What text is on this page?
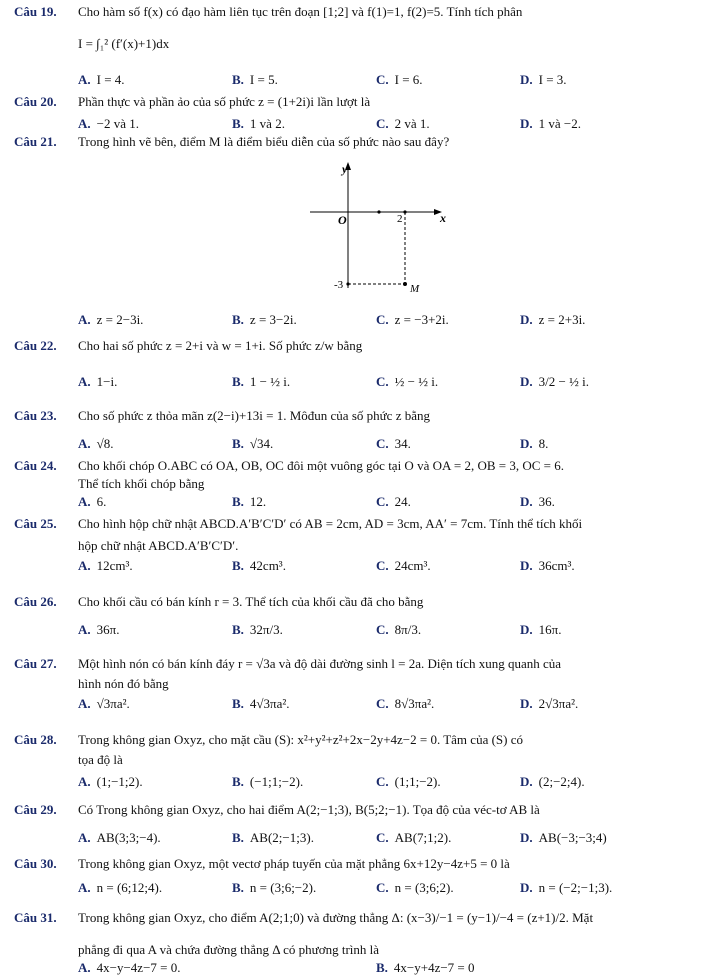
Câu 19. Cho hàm số f(x) có đạo hàm liên tục trên đoạn [1;2] và f(1)=1, f(2)=5. Tính tích phân
I = ∫₁² (f′(x)+1)dx
A. I = 4.	B. I = 5.	C. I = 6.	D. I = 3.
Câu 20. Phần thực và phần ảo của số phức z = (1+2i)i lần lượt là
A. −2 và 1.	B. 1 và 2.	C. 2 và 1.	D. 1 và −2.
Câu 21. Trong hình vẽ bên, điểm M là điểm biểu diễn của số phức nào sau đây?
y
x
O	2
-3	M
A. z = 2−3i.	B. z = 3−2i.	C. z = −3+2i.	D. z = 2+3i.
Câu 22. Cho hai số phức z = 2+i và w = 1+i. Số phức z/w bằng
A. 1−i.	B. 1 − ½ i.	C. ½ − ½ i.	D. 3/2 − ½ i.
Câu 23. Cho số phức z thỏa mãn z(2−i)+13i = 1. Môđun của số phức z bằng
A. √8.	B. √34.	C. 34.	D. 8.
Câu 24. Cho khối chóp O.ABC có OA, OB, OC đôi một vuông góc tại O và OA = 2, OB = 3, OC = 6.
Thể tích khối chóp bằng
A. 6.	B. 12.	C. 24.	D. 36.
Câu 25. Cho hình hộp chữ nhật ABCD.A′B′C′D′ có AB = 2cm, AD = 3cm, AA′ = 7cm. Tính thể tích khối
hộp chữ nhật ABCD.A′B′C′D′.
A. 12cm³.	B. 42cm³.	C. 24cm³.	D. 36cm³.
Câu 26. Cho khối cầu có bán kính r = 3. Thể tích của khối cầu đã cho bằng
A. 36π.	B. 32π/3.	C. 8π/3.	D. 16π.
Câu 27. Một hình nón có bán kính đáy r = √3a và độ dài đường sinh l = 2a. Diện tích xung quanh của
hình nón đó bằng
A. √3πa².	B. 4√3πa².	C. 8√3πa².	D. 2√3πa².
Câu 28. Trong không gian Oxyz, cho mặt cầu (S): x²+y²+z²+2x−2y+4z−2 = 0. Tâm của (S) có
tọa độ là
A. (1;−1;2).	B. (−1;1;−2).	C. (1;1;−2).	D. (2;−2;4).
Câu 29. Có Trong không gian Oxyz, cho hai điểm A(2;−1;3), B(5;2;−1). Tọa độ của véc-tơ AB là
A. AB(3;3;−4).	B. AB(2;−1;3).	C. AB(7;1;2).	D. AB(−3;−3;4)
Câu 30. Trong không gian Oxyz, một vectơ pháp tuyến của mặt phẳng 6x+12y−4z+5 = 0 là
A. n = (6;12;4).	B. n = (3;6;−2).	C. n = (3;6;2).	D. n = (−2;−1;3).
Câu 31. Trong không gian Oxyz, cho điểm A(2;1;0) và đường thẳng Δ: (x−3)/−1 = (y−1)/−4 = (z+1)/2. Mặt
phẳng đi qua A và chứa đường thẳng Δ có phương trình là
A. 4x−y−4z−7 = 0.	B. 4x−y+4z−7 = 0
